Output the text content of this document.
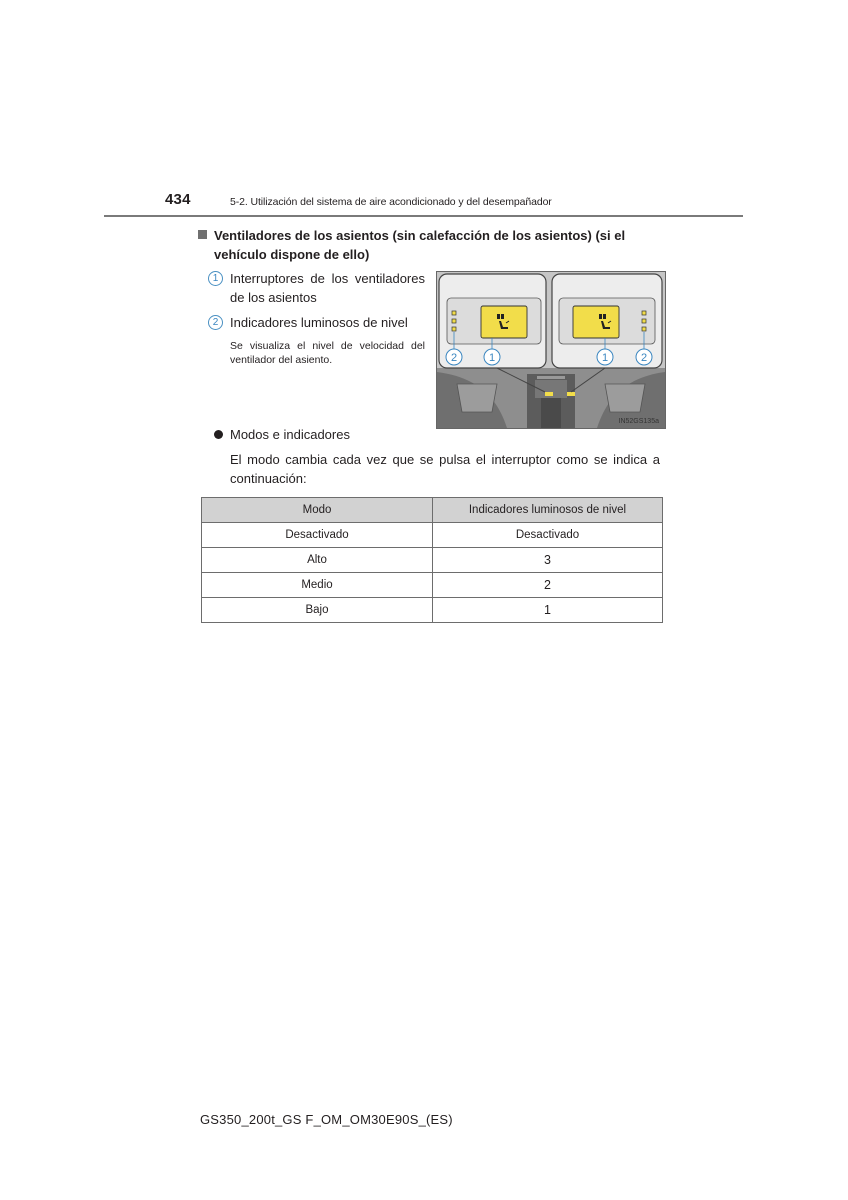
434	5-2. Utilización del sistema de aire acondicionado y del desempañador
Ventiladores de los asientos (sin calefacción de los asientos) (si el vehículo dispone de ello)
1 Interruptores de los ventiladores de los asientos
2 Indicadores luminosos de nivel
Se visualiza el nivel de velocidad del ventilador del asiento.	2	1	1	2
IN52GS135a
Modos e indicadores
El modo cambia cada vez que se pulsa el interruptor como se indica a continuación:
Modo	Indicadores luminosos de nivel
Desactivado	Desactivado
Alto	3
Medio	2
Bajo	1
GS350_200t_GS F_OM_OM30E90S_(ES)
